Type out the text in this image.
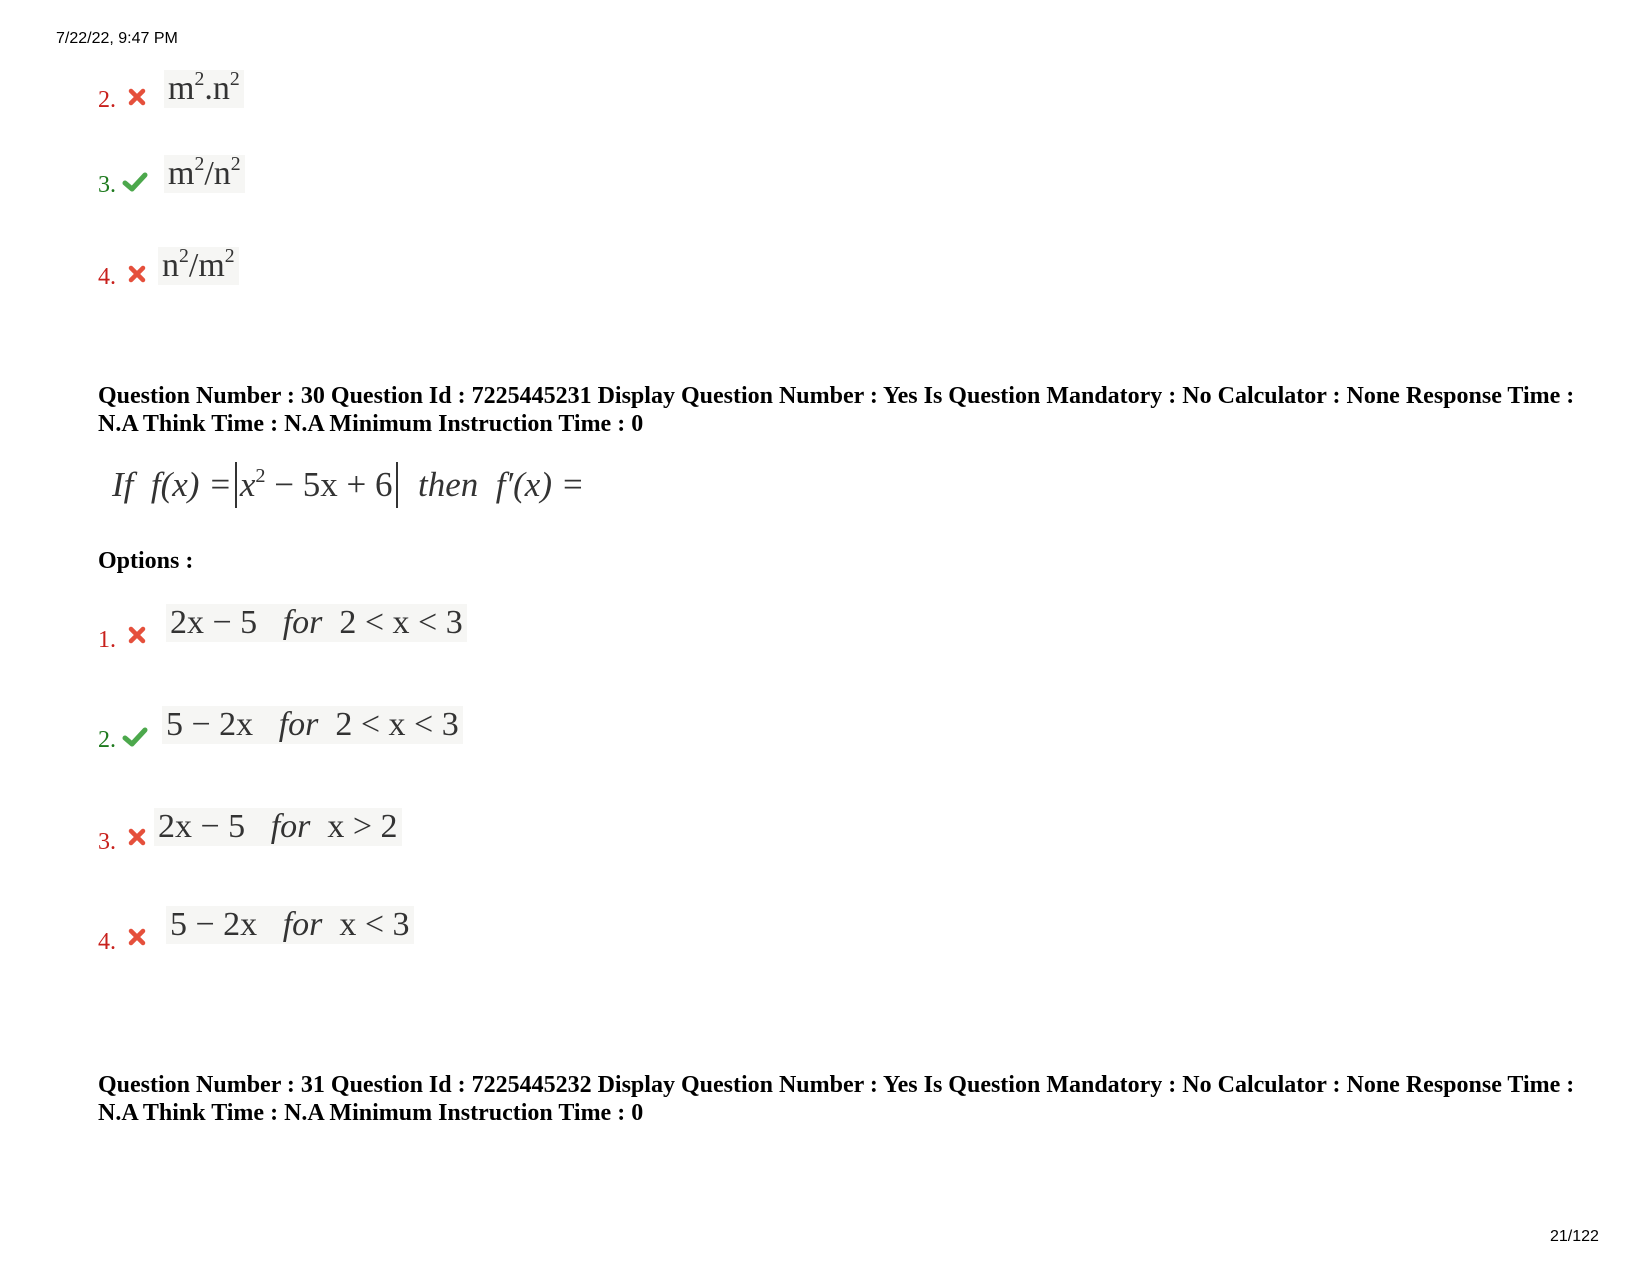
7/22/22, 9:47 PM
2. $m^2.n^2$
3. $m^2/n^2$
4. $n^2/m^2$
Question Number : 30 Question Id : 7225445231 Display Question Number : Yes Is Question Mandatory : No Calculator : None Response Time : N.A Think Time : N.A Minimum Instruction Time : 0
If $f(x) = x^2 - 5x + 6$ then f′(x) =
Options :
1. 2x − 5 for 2 < x < 3
2. 5 − 2x for 2 < x < 3
3. 2x − 5 for x > 2
4. 5 − 2x for x < 3
Question Number : 31 Question Id : 7225445232 Display Question Number : Yes Is Question Mandatory : No Calculator : None Response Time : N.A Think Time : N.A Minimum Instruction Time : 0
21/122
